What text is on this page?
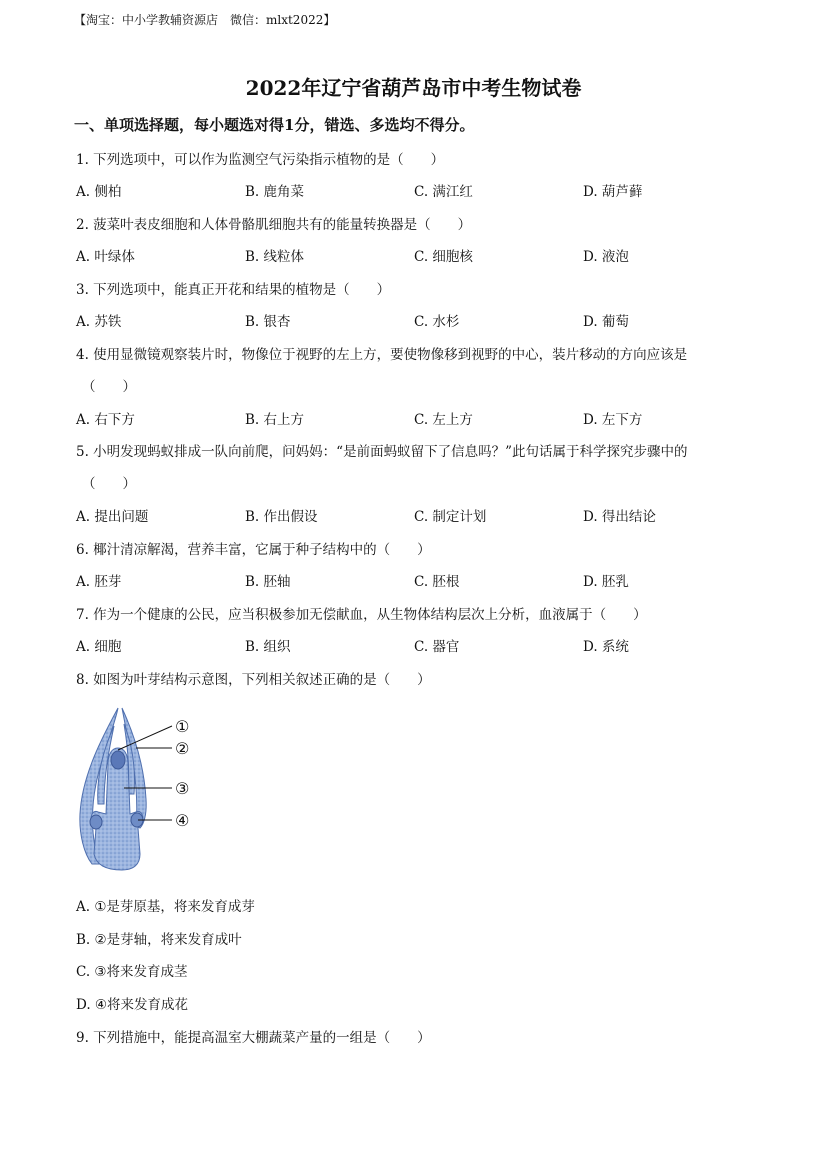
【淘宝：中小学教辅资源店　微信：mlxt2022】
2022年辽宁省葫芦岛市中考生物试卷
一、单项选择题，每小题选对得1分，错选、多选均不得分。
1. 下列选项中，可以作为监测空气污染指示植物的是（　　）
A. 侧柏	B. 鹿角菜	C. 满江红	D. 葫芦藓
2. 菠菜叶表皮细胞和人体骨骼肌细胞共有的能量转换器是（　　）
A. 叶绿体	B. 线粒体	C. 细胞核	D. 液泡
3. 下列选项中，能真正开花和结果的植物是（　　）
A. 苏铁	B. 银杏	C. 水杉	D. 葡萄
4. 使用显微镜观察装片时，物像位于视野的左上方，要使物像移到视野的中心，装片移动的方向应该是
（　　）
A. 右下方	B. 右上方	C. 左上方	D. 左下方
5. 小明发现蚂蚁排成一队向前爬，问妈妈：“是前面蚂蚁留下了信息吗？”此句话属于科学探究步骤中的
（　　）
A. 提出问题	B. 作出假设	C. 制定计划	D. 得出结论
6. 椰汁清凉解渴，营养丰富，它属于种子结构中的（　　）
A. 胚芽	B. 胚轴	C. 胚根	D. 胚乳
7. 作为一个健康的公民，应当积极参加无偿献血，从生物体结构层次上分析，血液属于（　　）
A. 细胞	B. 组织	C. 器官	D. 系统
8. 如图为叶芽结构示意图，下列相关叙述正确的是（　　）
①
②
③
④
A. ①是芽原基，将来发育成芽
B. ②是芽轴，将来发育成叶
C. ③将来发育成茎
D. ④将来发育成花
9. 下列措施中，能提高温室大棚蔬菜产量的一组是（　　）
